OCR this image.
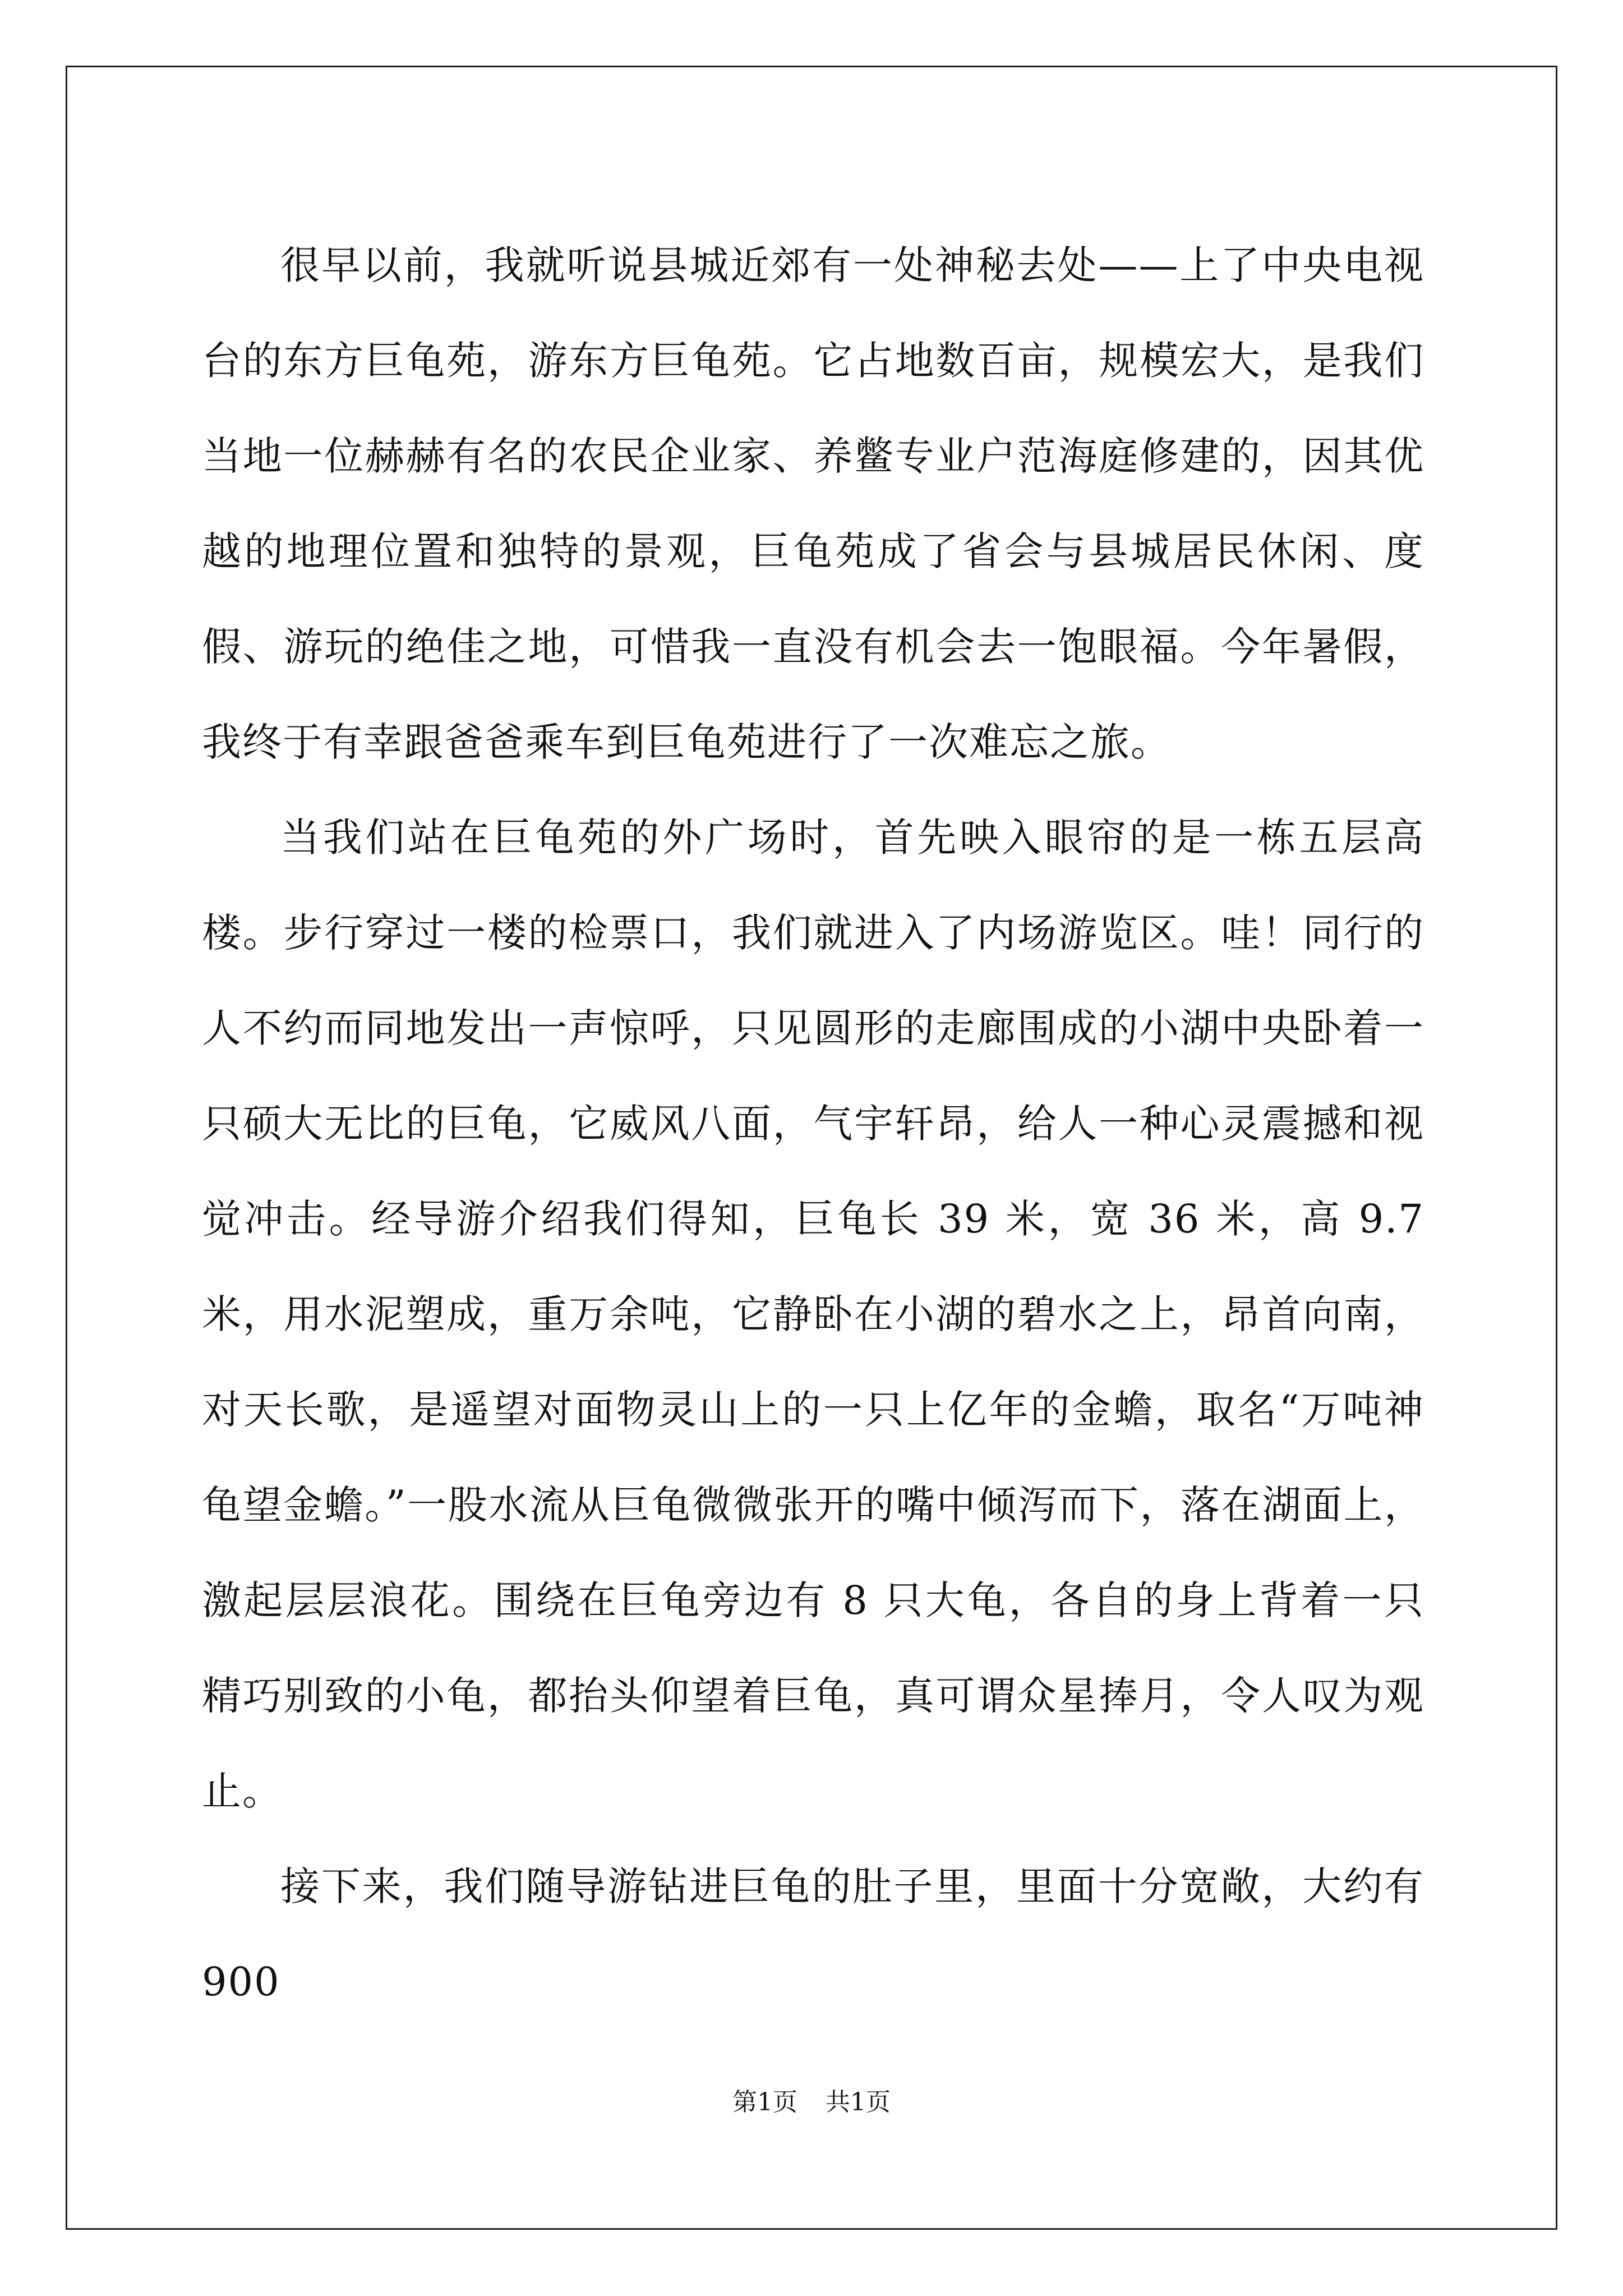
很早以前，我就听说县城近郊有一处神秘去处——上了中央电视台的东方巨龟苑，游东方巨龟苑。它占地数百亩，规模宏大，是我们当地一位赫赫有名的农民企业家、养鳖专业户范海庭修建的，因其优越的地理位置和独特的景观，巨龟苑成了省会与县城居民休闲、度假、游玩的绝佳之地，可惜我一直没有机会去一饱眼福。今年暑假，我终于有幸跟爸爸乘车到巨龟苑进行了一次难忘之旅。

当我们站在巨龟苑的外广场时，首先映入眼帘的是一栋五层高楼。步行穿过一楼的检票口，我们就进入了内场游览区。哇！同行的人不约而同地发出一声惊呼，只见圆形的走廊围成的小湖中央卧着一只硕大无比的巨龟，它威风八面，气宇轩昂，给人一种心灵震撼和视觉冲击。经导游介绍我们得知，巨龟长 39 米，宽 36 米，高 9.7 米，用水泥塑成，重万余吨，它静卧在小湖的碧水之上，昂首向南，对天长歌，是遥望对面物灵山上的一只上亿年的金蟾，取名“万吨神龟望金蟾。”一股水流从巨龟微微张开的嘴中倾泻而下，落在湖面上，激起层层浪花。围绕在巨龟旁边有 8 只大龟，各自的身上背着一只精巧别致的小龟，都抬头仰望着巨龟，真可谓众星捧月，令人叹为观止。

接下来，我们随导游钻进巨龟的肚子里，里面十分宽敞，大约有 900

第1页 共1页
